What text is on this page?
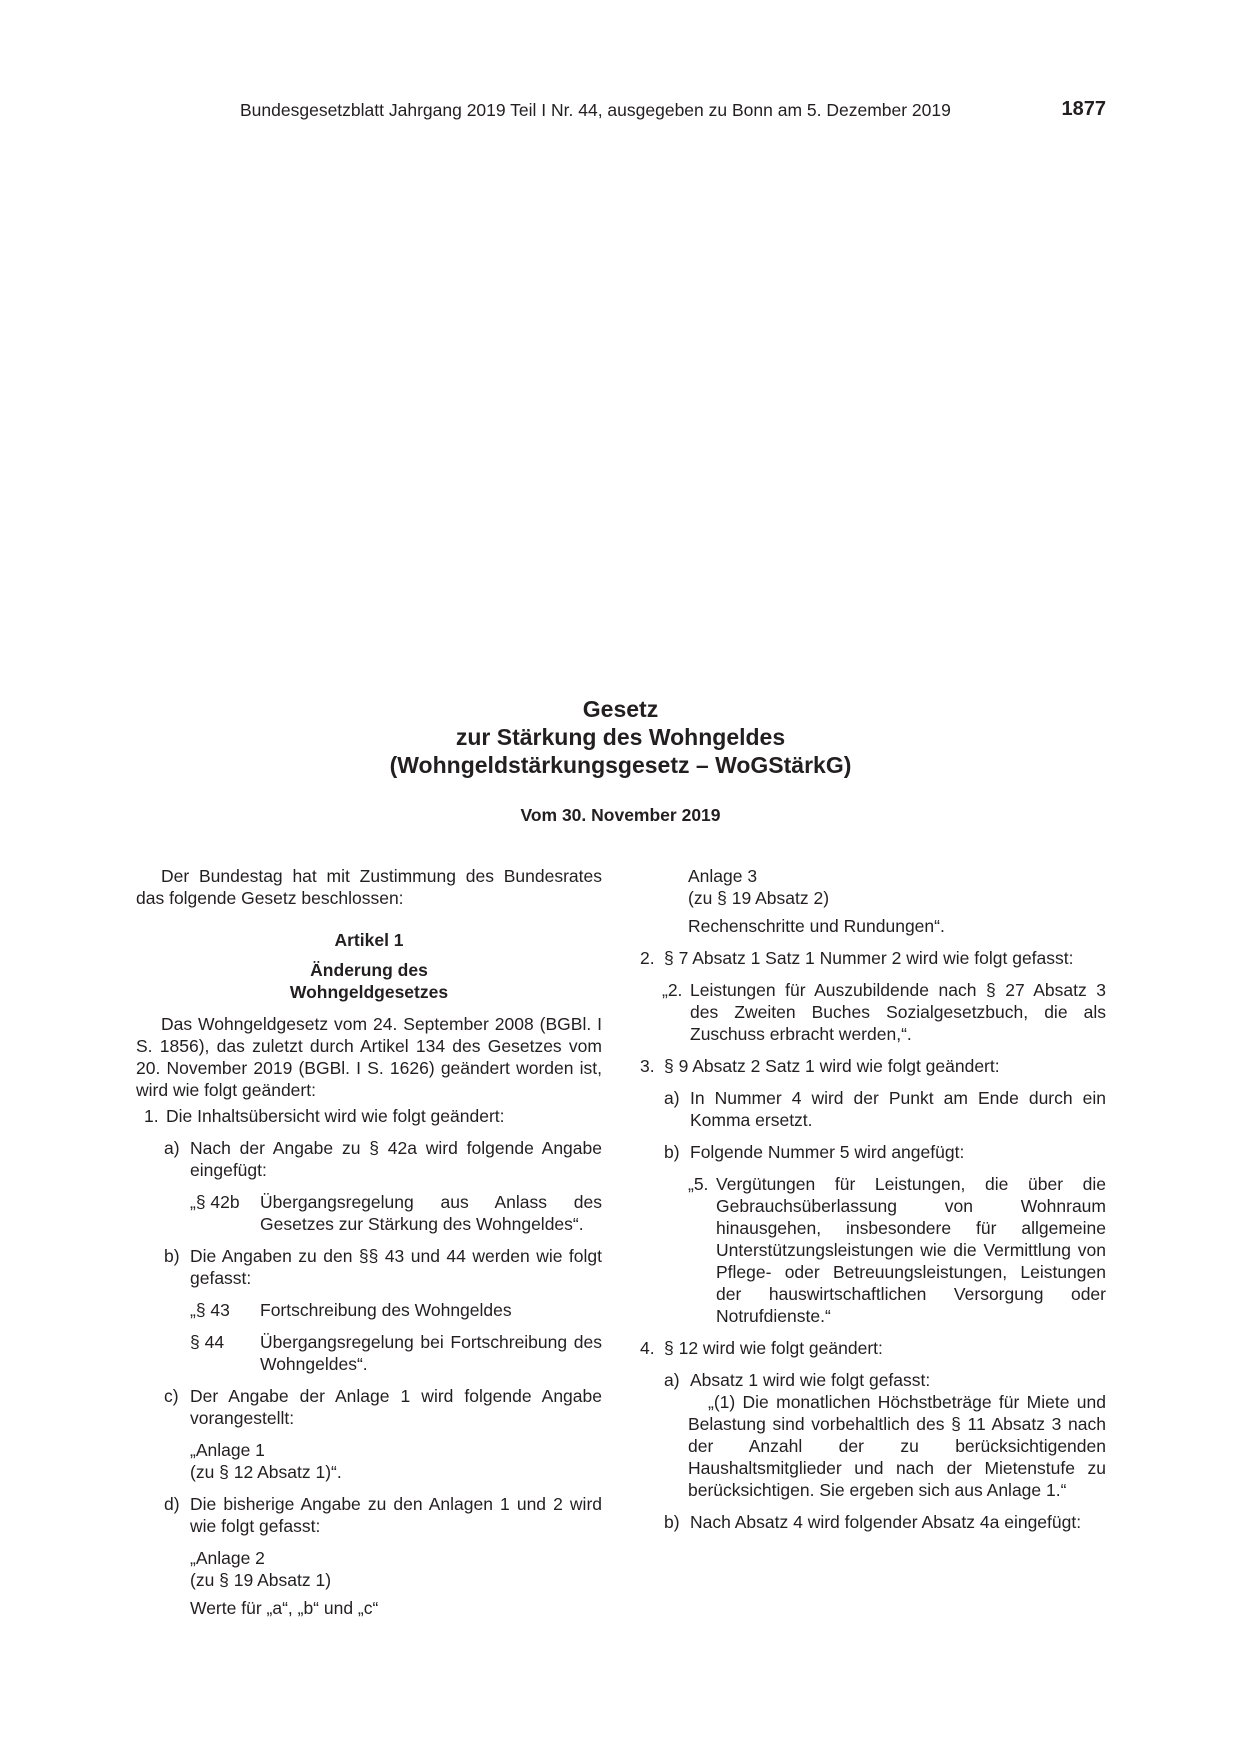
Bundesgesetzblatt Jahrgang 2019 Teil I Nr. 44, ausgegeben zu Bonn am 5. Dezember 2019	1877

Gesetz

zur Stärkung des Wohngeldes

(Wohngeldstärkungsgesetz – WoGStärkG)

Vom 30. November 2019

Der Bundestag hat mit Zustimmung des Bundesrates das folgende Gesetz beschlossen:

Artikel 1

Änderung des

Wohngeldgesetzes

Das Wohngeldgesetz vom 24. September 2008 (BGBl. I S. 1856), das zuletzt durch Artikel 134 des Gesetzes vom 20. November 2019 (BGBl. I S. 1626) geändert worden ist, wird wie folgt geändert:

1. Die Inhaltsübersicht wird wie folgt geändert:
a) Nach der Angabe zu § 42a wird folgende Angabe eingefügt:
„§ 42b	Übergangsregelung aus Anlass des Gesetzes zur Stärkung des Wohngeldes“.
b) Die Angaben zu den §§ 43 und 44 werden wie folgt gefasst:
„§ 43	Fortschreibung des Wohngeldes
§ 44	Übergangsregelung bei Fortschreibung des Wohngeldes“.
c) Der Angabe der Anlage 1 wird folgende Angabe vorangestellt:

„Anlage 1

(zu § 12 Absatz 1)“.

d) Die bisherige Angabe zu den Anlagen 1 und 2 wird wie folgt gefasst:

„Anlage 2

(zu § 19 Absatz 1)

Werte für „a“, „b“ und „c“

Anlage 3

(zu § 19 Absatz 2)

Rechenschritte und Rundungen“.

2. § 7 Absatz 1 Satz 1 Nummer 2 wird wie folgt gefasst:
„2. Leistungen für Auszubildende nach § 27 Absatz 3 des Zweiten Buches Sozialgesetzbuch, die als Zuschuss erbracht werden,“.
3. § 9 Absatz 2 Satz 1 wird wie folgt geändert:
a) In Nummer 4 wird der Punkt am Ende durch ein Komma ersetzt.
b) Folgende Nummer 5 wird angefügt:
„5. Vergütungen für Leistungen, die über die Gebrauchsüberlassung von Wohnraum hinausgehen, insbesondere für allgemeine Unterstützungsleistungen wie die Vermittlung von Pflege- oder Betreuungsleistungen, Leistungen der hauswirtschaftlichen Versorgung oder Notrufdienste.“
4. § 12 wird wie folgt geändert:
a) Absatz 1 wird wie folgt gefasst:

„(1) Die monatlichen Höchstbeträge für Miete und Belastung sind vorbehaltlich des § 11 Absatz 3 nach der Anzahl der zu berücksichtigenden Haushaltsmitglieder und nach der Mietenstufe zu berücksichtigen. Sie ergeben sich aus Anlage 1.“

b) Nach Absatz 4 wird folgender Absatz 4a eingefügt:
